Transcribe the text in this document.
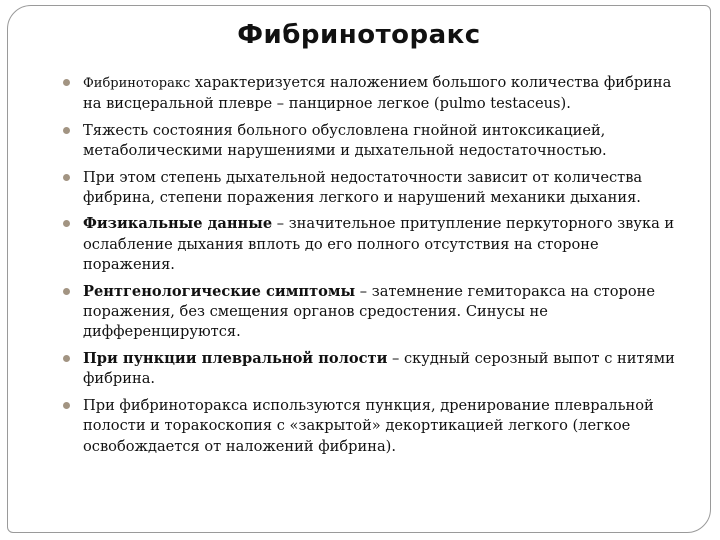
Фибриноторакс
Фибриноторакс характеризуется наложением большого количества фибрина на висцеральной плевре – панцирное легкое (pulmo testaceus).
Тяжесть состояния больного обусловлена гнойной интоксикацией, метаболическими нарушениями и дыхательной недостаточностью.
При этом степень дыхательной недостаточности зависит от количества фибрина, степени поражения легкого и нарушений механики дыхания.
Физикальные данные – значительное притупление перкуторного звука и ослабление дыхания вплоть до его полного отсутствия на стороне поражения.
Рентгенологические симптомы – затемнение гемиторакса на стороне поражения, без смещения органов средостения. Синусы не дифференцируются.
При пункции плевральной полости – скудный серозный выпот с нитями фибрина.
При фибриноторакса используются пункция, дренирование плевральной полости и торакоскопия с «закрытой» декортикацией легкого (легкое освобождается от наложений фибрина).
